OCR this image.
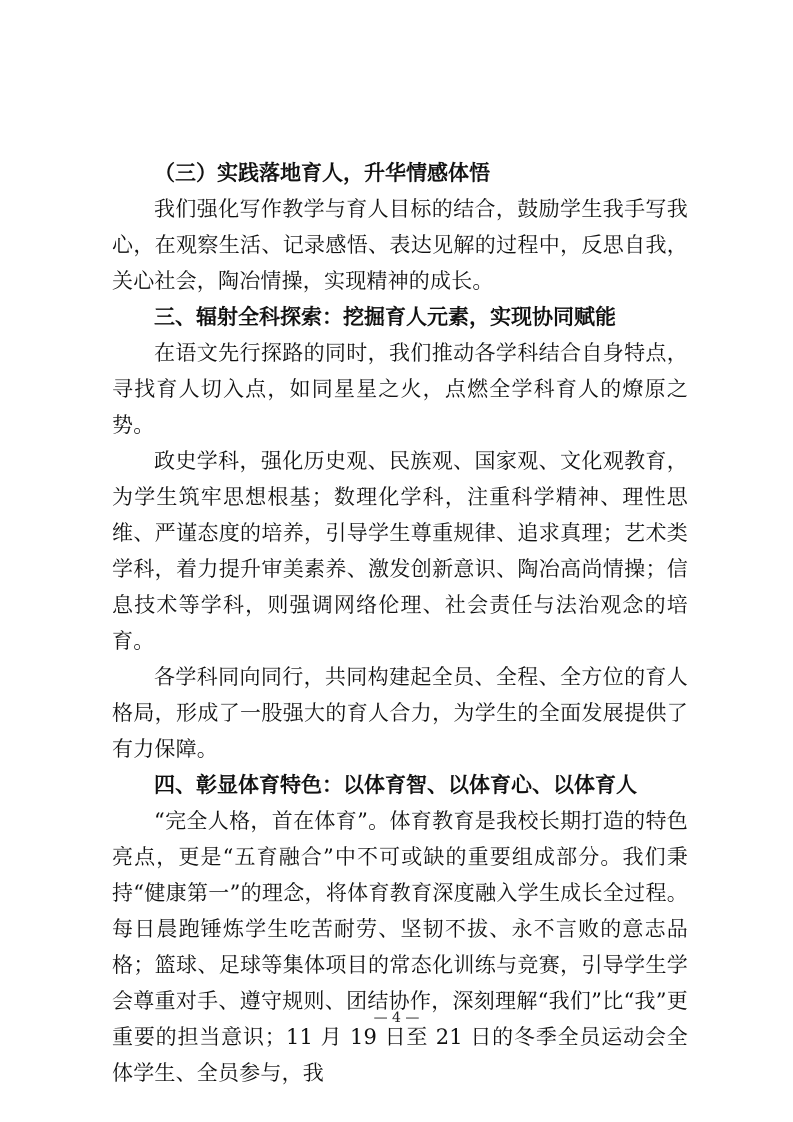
（三）实践落地育人，升华情感体悟

我们强化写作教学与育人目标的结合，鼓励学生我手写我心，在观察生活、记录感悟、表达见解的过程中，反思自我，关心社会，陶冶情操，实现精神的成长。

三、辐射全科探索：挖掘育人元素，实现协同赋能

在语文先行探路的同时，我们推动各学科结合自身特点，寻找育人切入点，如同星星之火，点燃全学科育人的燎原之势。

政史学科，强化历史观、民族观、国家观、文化观教育，为学生筑牢思想根基；数理化学科，注重科学精神、理性思维、严谨态度的培养，引导学生尊重规律、追求真理；艺术类学科，着力提升审美素养、激发创新意识、陶冶高尚情操；信息技术等学科，则强调网络伦理、社会责任与法治观念的培育。

各学科同向同行，共同构建起全员、全程、全方位的育人格局，形成了一股强大的育人合力，为学生的全面发展提供了有力保障。

四、彰显体育特色：以体育智、以体育心、以体育人

“完全人格，首在体育”。体育教育是我校长期打造的特色亮点，更是“五育融合”中不可或缺的重要组成部分。我们秉持“健康第一”的理念，将体育教育深度融入学生成长全过程。每日晨跑锤炼学生吃苦耐劳、坚韧不拔、永不言败的意志品格；篮球、足球等集体项目的常态化训练与竞赛，引导学生学会尊重对手、遵守规则、团结协作，深刻理解“我们”比“我”更重要的担当意识；11 月 19 日至 21 日的冬季全员运动会全体学生、全员参与，我

— 4 —
